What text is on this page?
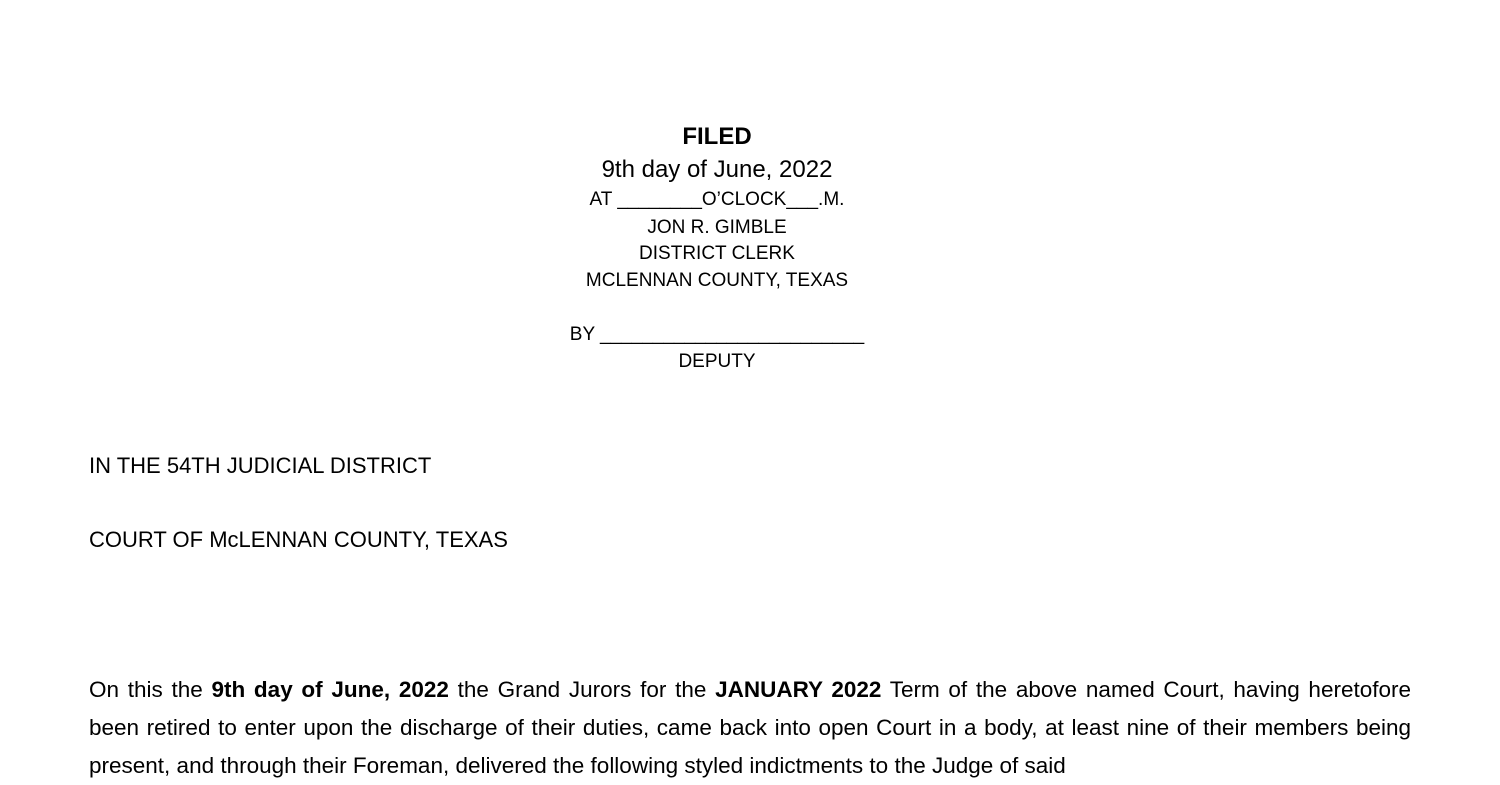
FILED
9th day of June, 2022
AT ________O’CLOCK___.M.
JON R. GIMBLE
DISTRICT CLERK
MCLENNAN COUNTY, TEXAS
BY _________________________
DEPUTY
IN THE 54TH JUDICIAL DISTRICT
COURT OF McLENNAN COUNTY, TEXAS
On this the 9th day of June, 2022 the Grand Jurors for the JANUARY 2022 Term of the above named Court, having heretofore been retired to enter upon the discharge of their duties, came back into open Court in a body, at least nine of their members being present, and through their Foreman, delivered the following styled indictments to the Judge of said
